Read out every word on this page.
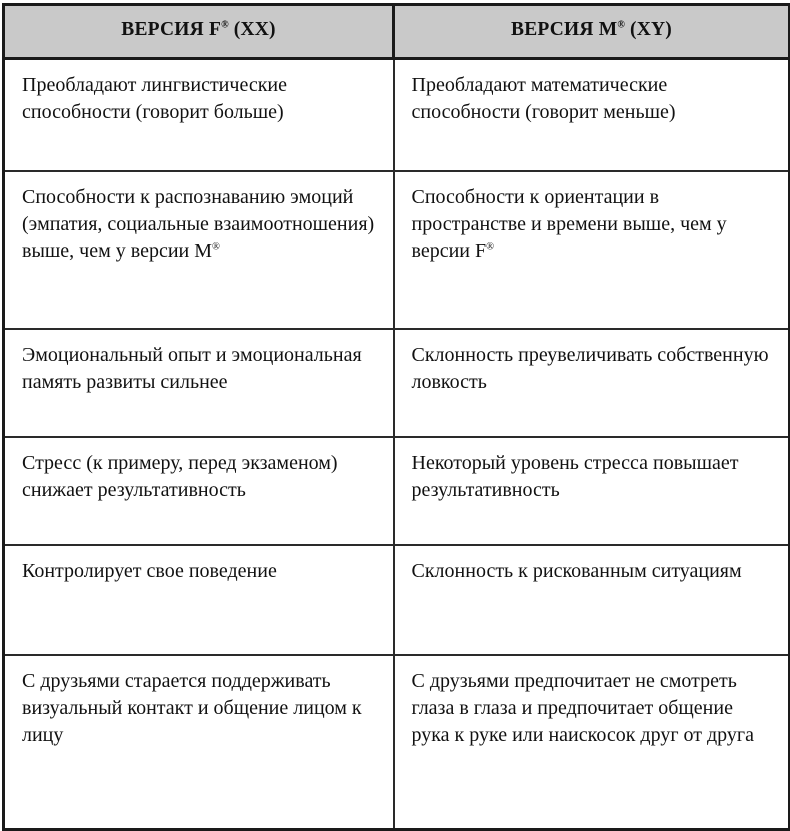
ВЕРСИЯ F® (XX)	ВЕРСИЯ M® (XY)

Преобладают лингвистические способности (говорит больше)	Преобладают математические способности (говорит меньше)

Способности к распознаванию эмоций (эмпатия, социальные взаимоотношения) выше, чем у версии M®	Способности к ориентации в пространстве и времени выше, чем у версии F®

Эмоциональный опыт и эмоциональная память развиты сильнее	Склонность преувеличивать собственную ловкость

Стресс (к примеру, перед экзаменом) снижает результативность	Некоторый уровень стресса повышает результативность

Контролирует свое поведение	Склонность к рискованным ситуациям

С друзьями старается поддерживать визуальный контакт и общение лицом к лицу	С друзьями предпочитает не смотреть глаза в глаза и предпочитает общение рука к руке или наискосок друг от друга
